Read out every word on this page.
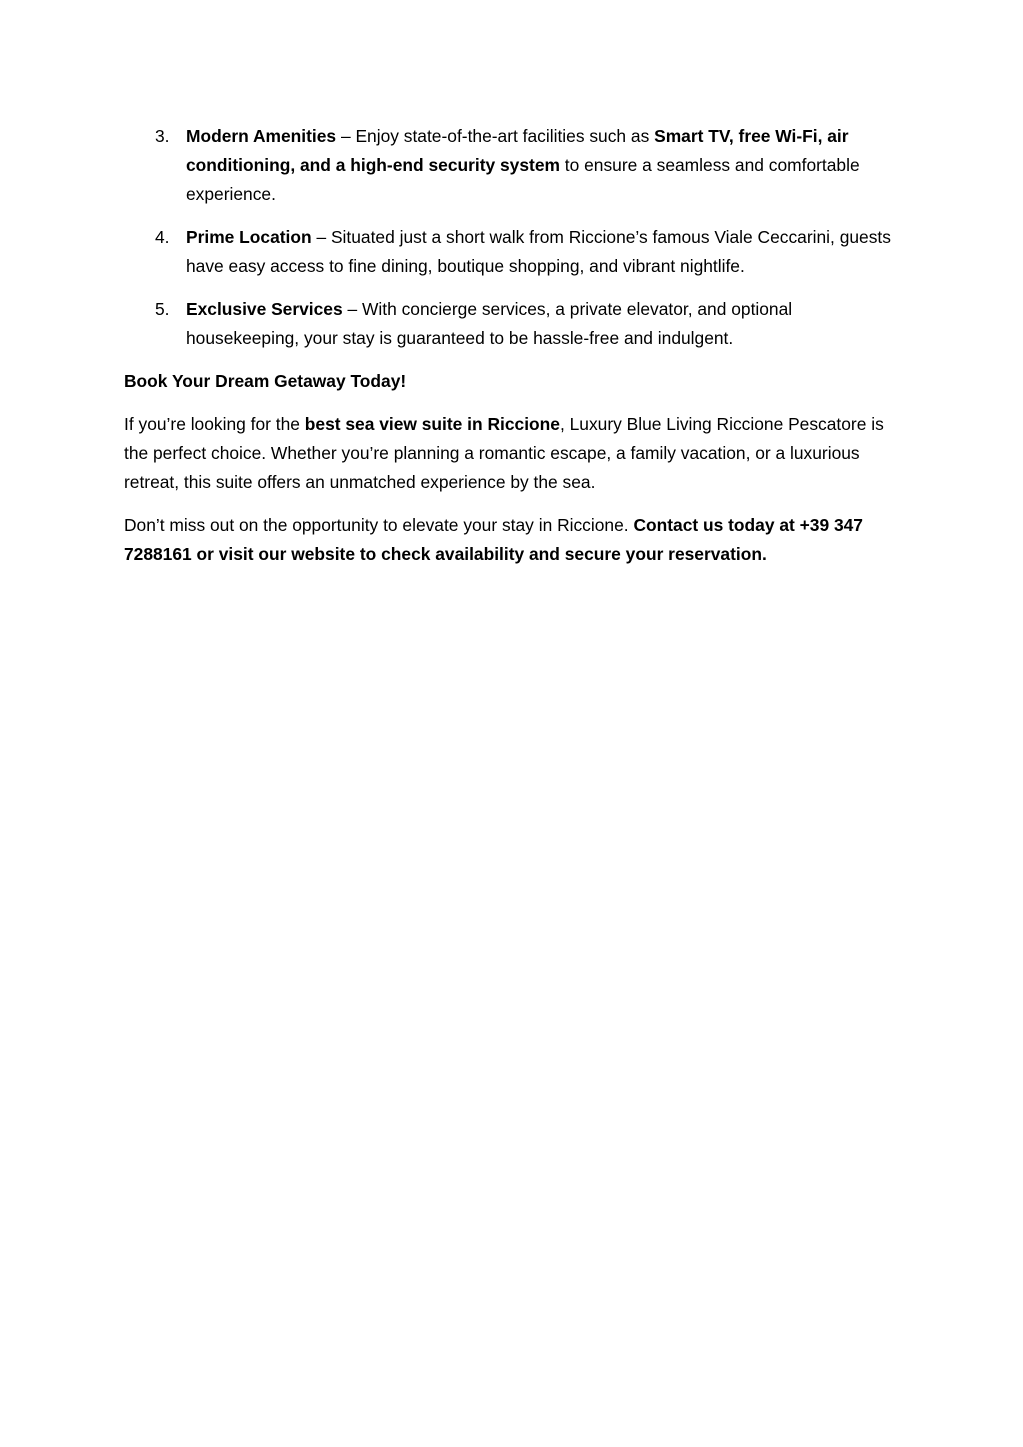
3. Modern Amenities – Enjoy state-of-the-art facilities such as Smart TV, free Wi-Fi, air conditioning, and a high-end security system to ensure a seamless and comfortable experience.
4. Prime Location – Situated just a short walk from Riccione’s famous Viale Ceccarini, guests have easy access to fine dining, boutique shopping, and vibrant nightlife.
5. Exclusive Services – With concierge services, a private elevator, and optional housekeeping, your stay is guaranteed to be hassle-free and indulgent.

Book Your Dream Getaway Today!

If you’re looking for the best sea view suite in Riccione, Luxury Blue Living Riccione Pescatore is the perfect choice. Whether you’re planning a romantic escape, a family vacation, or a luxurious retreat, this suite offers an unmatched experience by the sea.

Don’t miss out on the opportunity to elevate your stay in Riccione. Contact us today at +39 347 7288161 or visit our website to check availability and secure your reservation.
